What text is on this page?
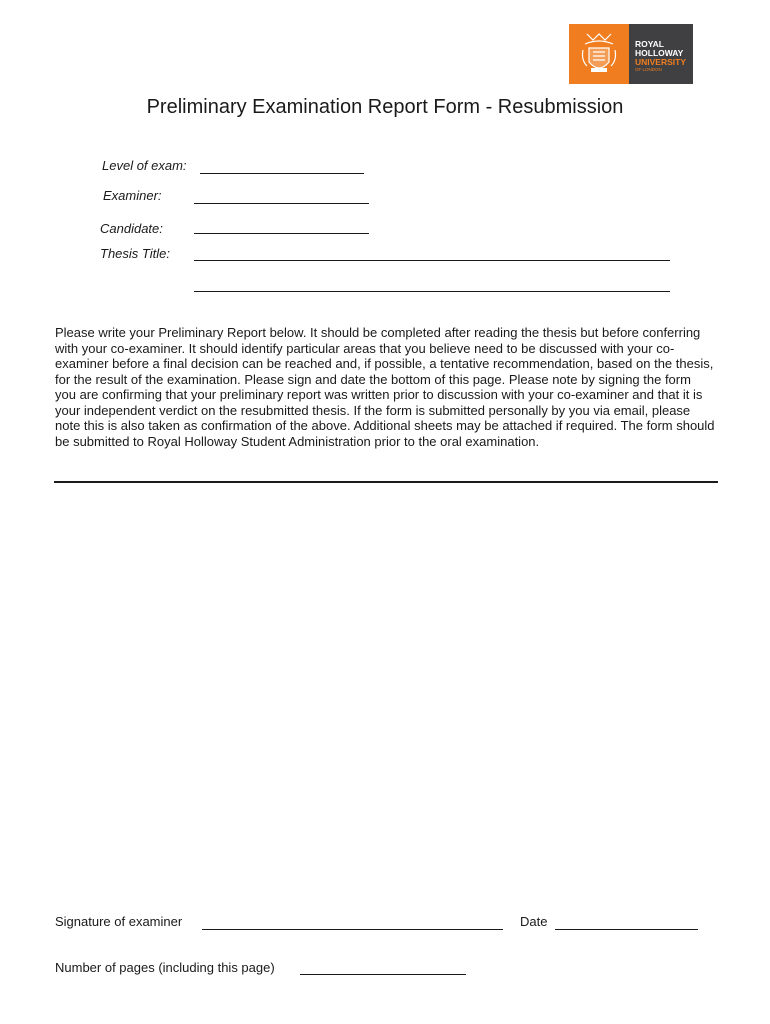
ROYAL
HOLLOWAY
UNIVERSITY
OF LONDON
Preliminary Examination Report Form - Resubmission
Level of exam:
Examiner:
Candidate:
Thesis Title:
Please write your Preliminary Report below. It should be completed after reading the thesis but before conferring with your co-examiner. It should identify particular areas that you believe need to be discussed with your co-examiner before a final decision can be reached and, if possible, a tentative recommendation, based on the thesis, for the result of the examination. Please sign and date the bottom of this page. Please note by signing the form you are confirming that your preliminary report was written prior to discussion with your co-examiner and that it is your independent verdict on the resubmitted thesis. If the form is submitted personally by you via email, please note this is also taken as confirmation of the above. Additional sheets may be attached if required. The form should be submitted to Royal Holloway Student Administration prior to the oral examination.
Signature of examiner	Date
Number of pages (including this page)
